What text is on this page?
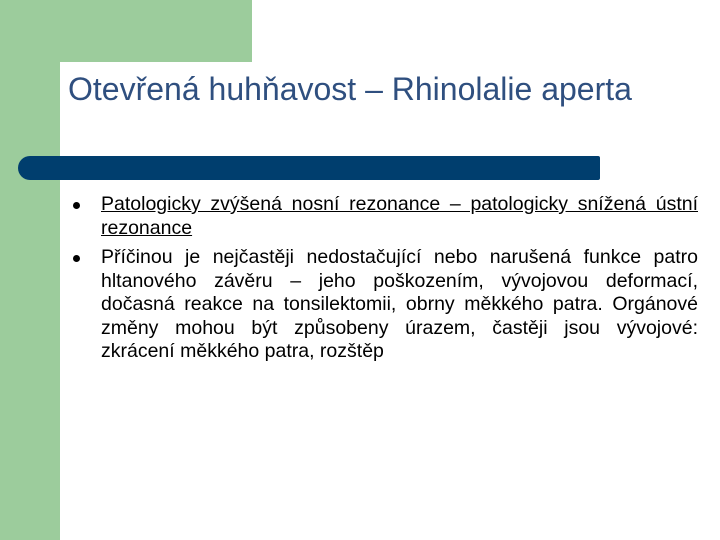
Otevřená huhňavost – Rhinolalie aperta
Patologicky zvýšená nosní rezonance – patologicky snížená ústní rezonance
Příčinou je nejčastěji nedostačující nebo narušená funkce patro hltanového závěru – jeho poškozením, vývojovou deformací, dočasná reakce na tonsilektomii, obrny měkkého patra. Orgánové změny mohou být způsobeny úrazem, častěji jsou vývojové: zkrácení měkkého patra, rozštěp
